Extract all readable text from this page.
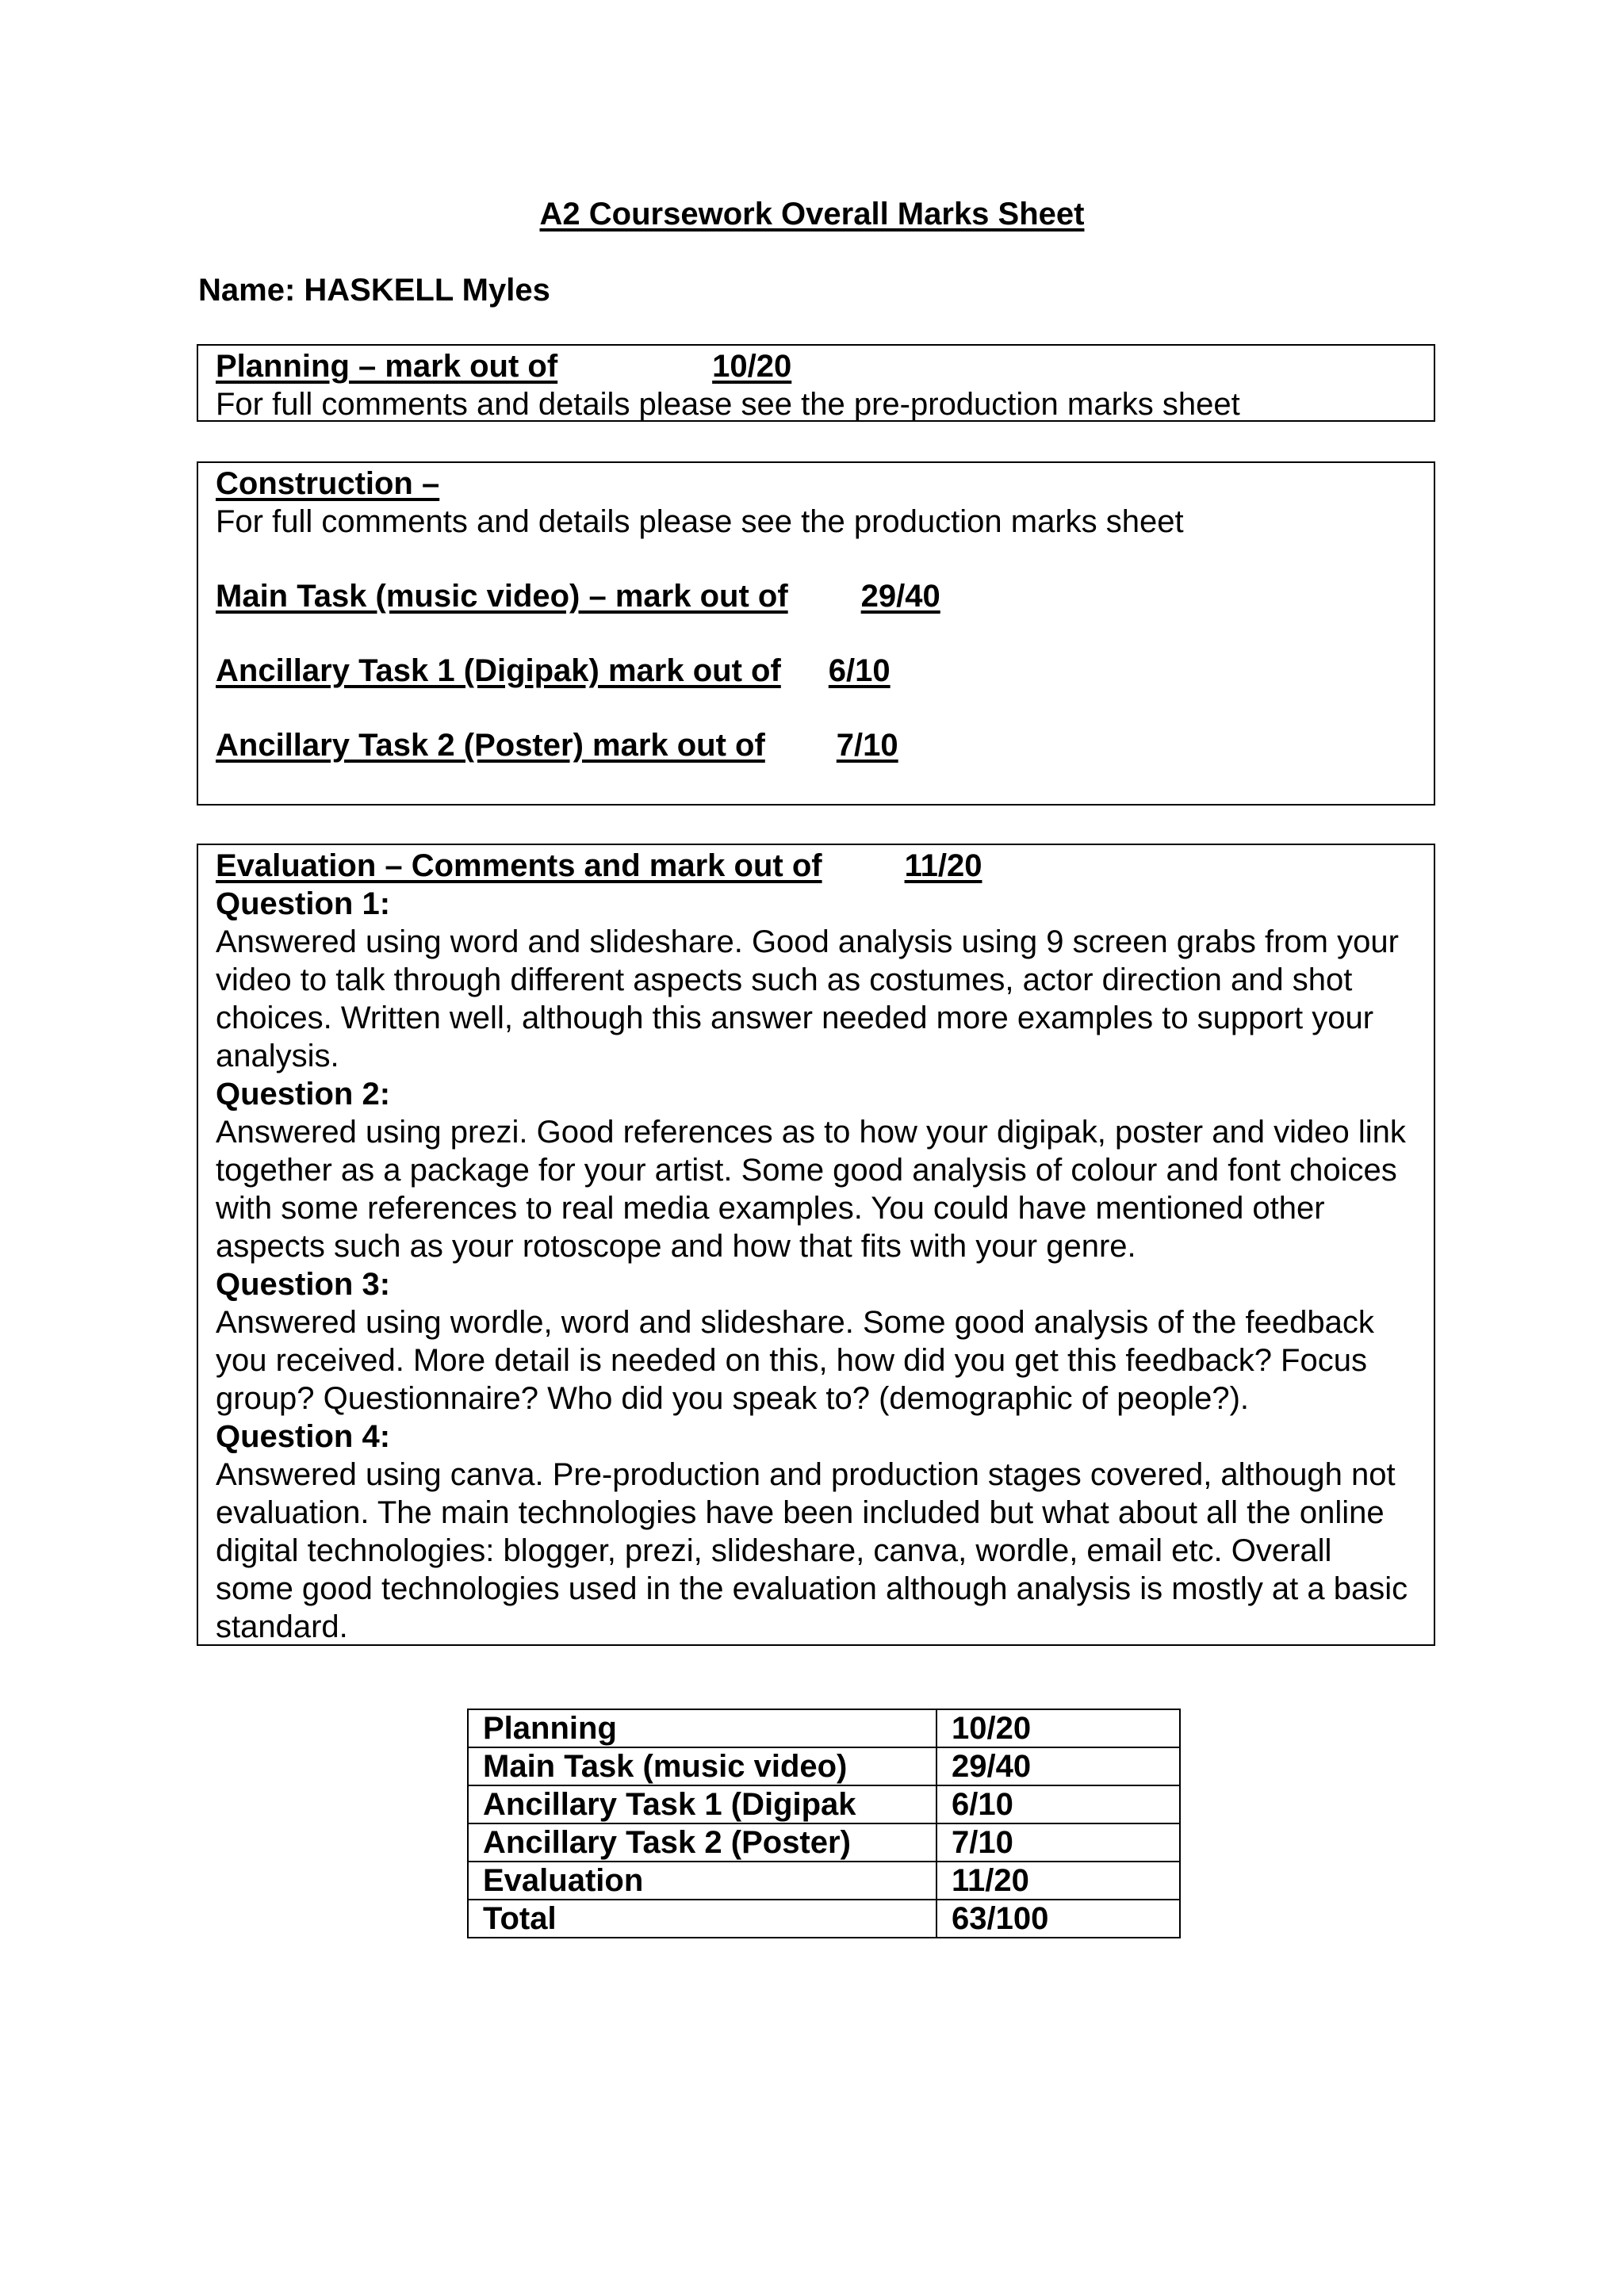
A2 Coursework Overall Marks Sheet
Name: HASKELL Myles
Planning – mark out of	10/20
For full comments and details please see the pre-production marks sheet
Construction –
For full comments and details please see the production marks sheet
Main Task (music video) – mark out of 29/40
Ancillary Task 1 (Digipak) mark out of 6/10
Ancillary Task 2 (Poster) mark out of 7/10
Evaluation – Comments and mark out of	11/20
Question 1:
Answered using word and slideshare. Good analysis using 9 screen grabs from your video to talk through different aspects such as costumes, actor direction and shot choices. Written well, although this answer needed more examples to support your analysis.
Question 2:
Answered using prezi. Good references as to how your digipak, poster and video link together as a package for your artist. Some good analysis of colour and font choices with some references to real media examples. You could have mentioned other aspects such as your rotoscope and how that fits with your genre.
Question 3:
Answered using wordle, word and slideshare. Some good analysis of the feedback you received. More detail is needed on this, how did you get this feedback? Focus group? Questionnaire? Who did you speak to? (demographic of people?).
Question 4:
Answered using canva. Pre-production and production stages covered, although not evaluation. The main technologies have been included but what about all the online digital technologies: blogger, prezi, slideshare, canva, wordle, email etc. Overall some good technologies used in the evaluation although analysis is mostly at a basic standard.
Planning	10/20
Main Task (music video)	29/40
Ancillary Task 1 (Digipak	6/10
Ancillary Task 2 (Poster)	7/10
Evaluation	11/20
Total	63/100
